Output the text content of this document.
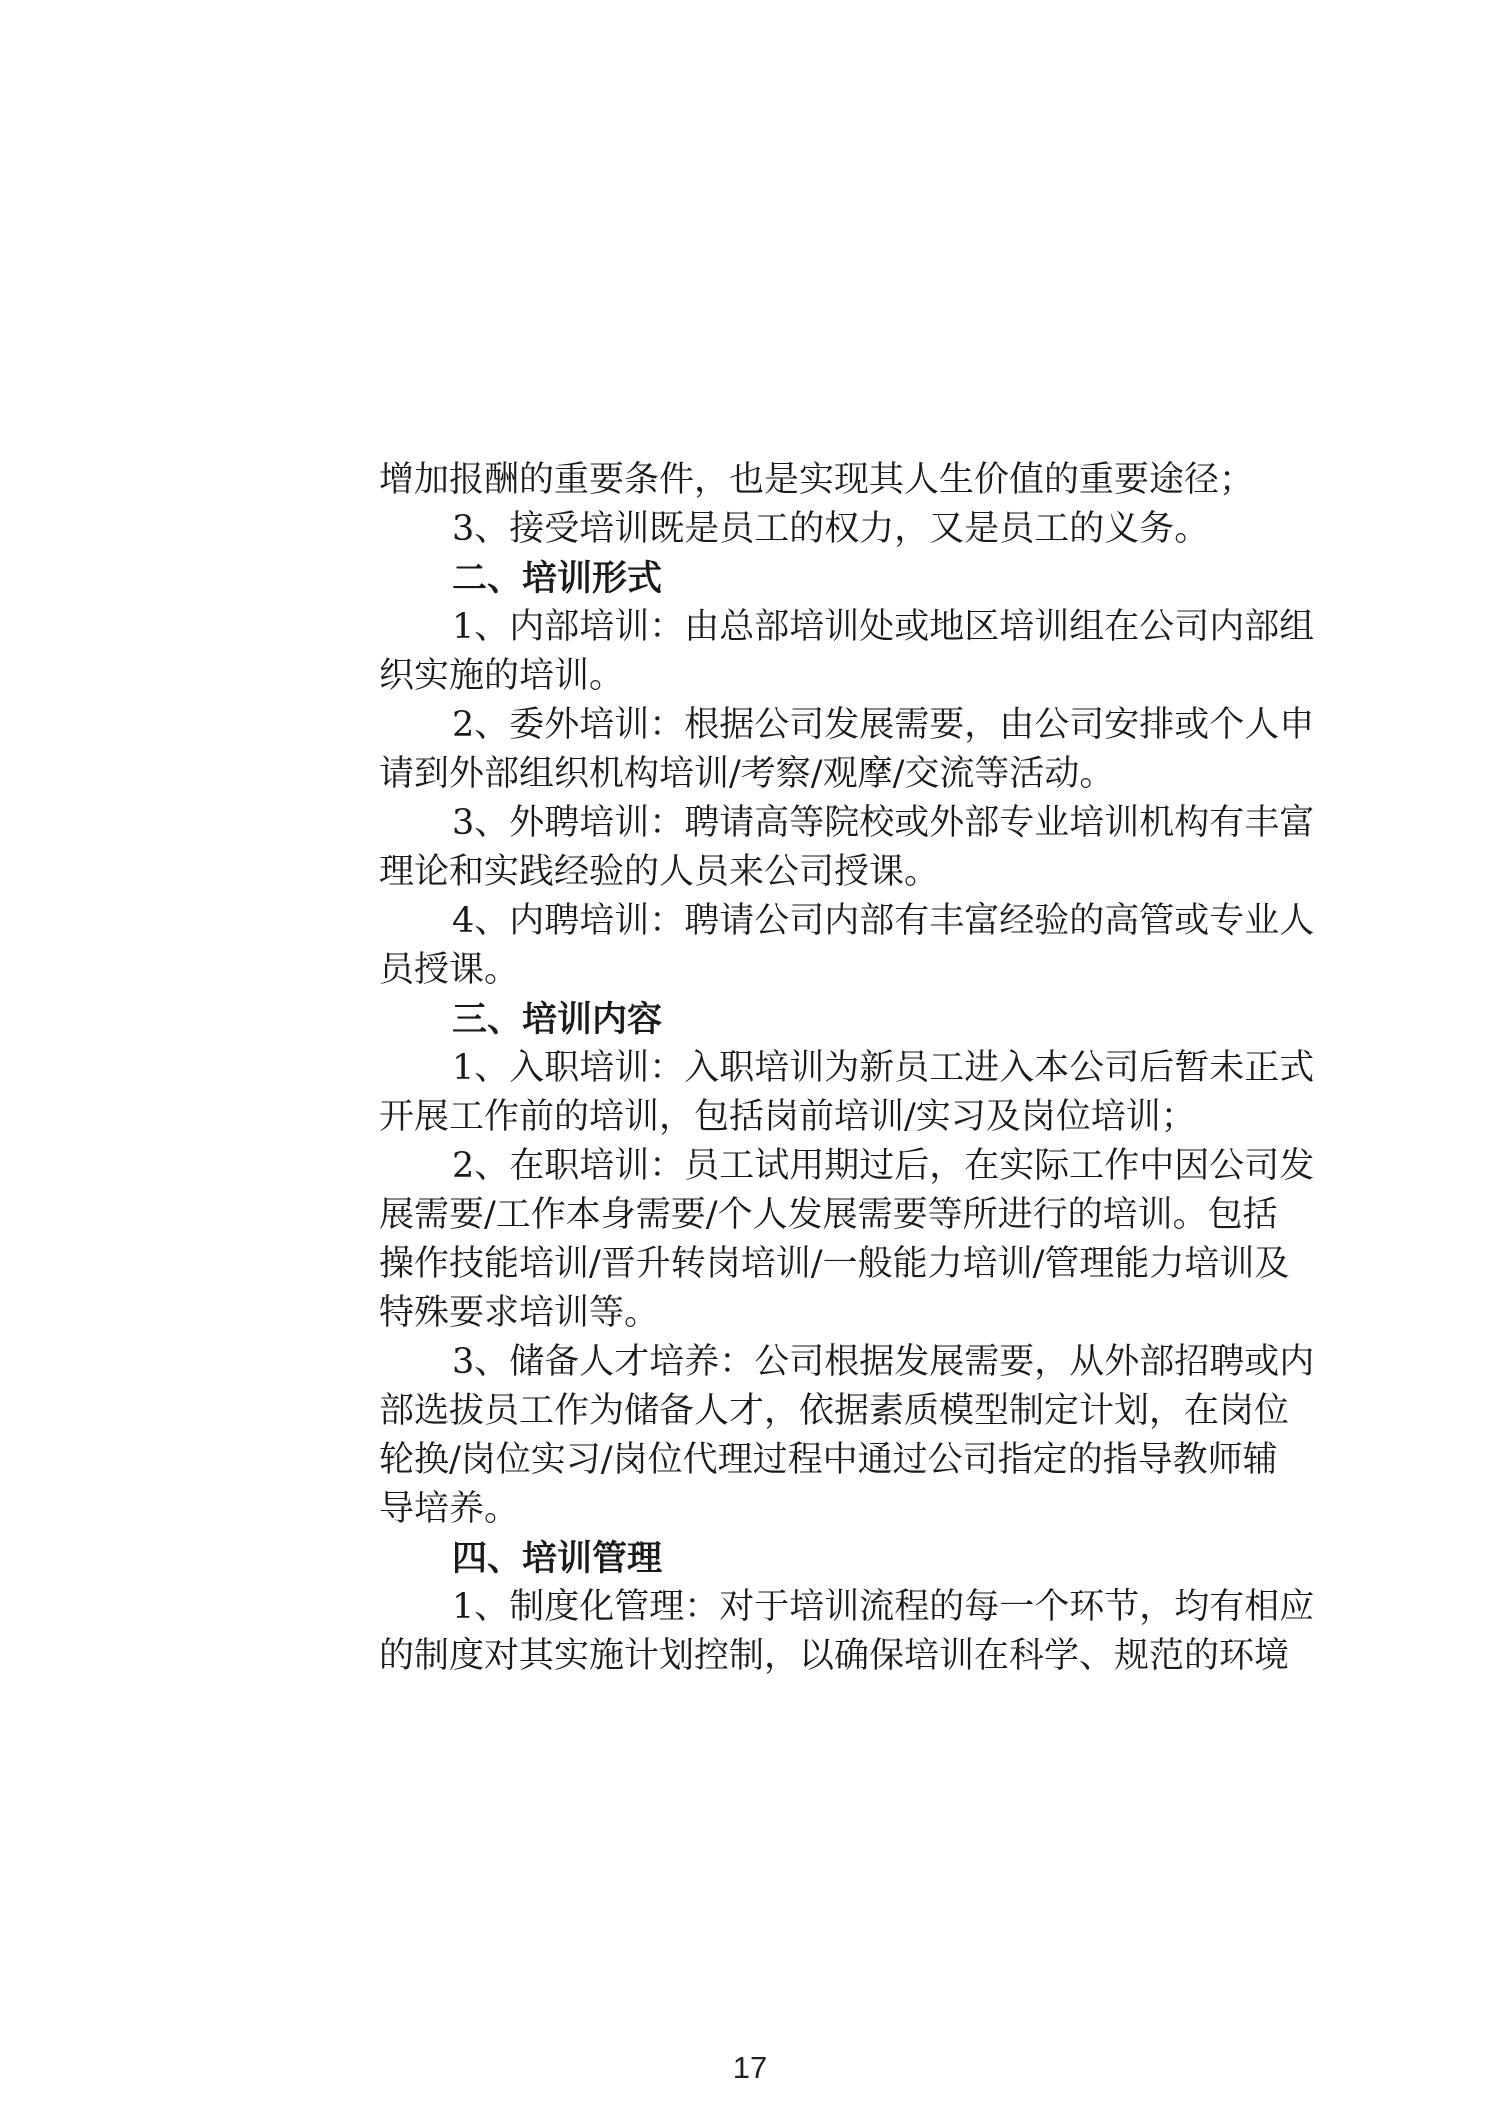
增加报酬的重要条件，也是实现其人生价值的重要途径；
3、接受培训既是员工的权力，又是员工的义务。
二、培训形式
1、内部培训：由总部培训处或地区培训组在公司内部组
织实施的培训。
2、委外培训：根据公司发展需要，由公司安排或个人申
请到外部组织机构培训/考察/观摩/交流等活动。
3、外聘培训：聘请高等院校或外部专业培训机构有丰富
理论和实践经验的人员来公司授课。
4、内聘培训：聘请公司内部有丰富经验的高管或专业人
员授课。
三、培训内容
1、入职培训：入职培训为新员工进入本公司后暂未正式
开展工作前的培训，包括岗前培训/实习及岗位培训；
2、在职培训：员工试用期过后，在实际工作中因公司发
展需要/工作本身需要/个人发展需要等所进行的培训。包括
操作技能培训/晋升转岗培训/一般能力培训/管理能力培训及
特殊要求培训等。
3、储备人才培养：公司根据发展需要，从外部招聘或内
部选拔员工作为储备人才，依据素质模型制定计划，在岗位
轮换/岗位实习/岗位代理过程中通过公司指定的指导教师辅
导培养。
四、培训管理
1、制度化管理：对于培训流程的每一个环节，均有相应
的制度对其实施计划控制，以确保培训在科学、规范的环境
17
